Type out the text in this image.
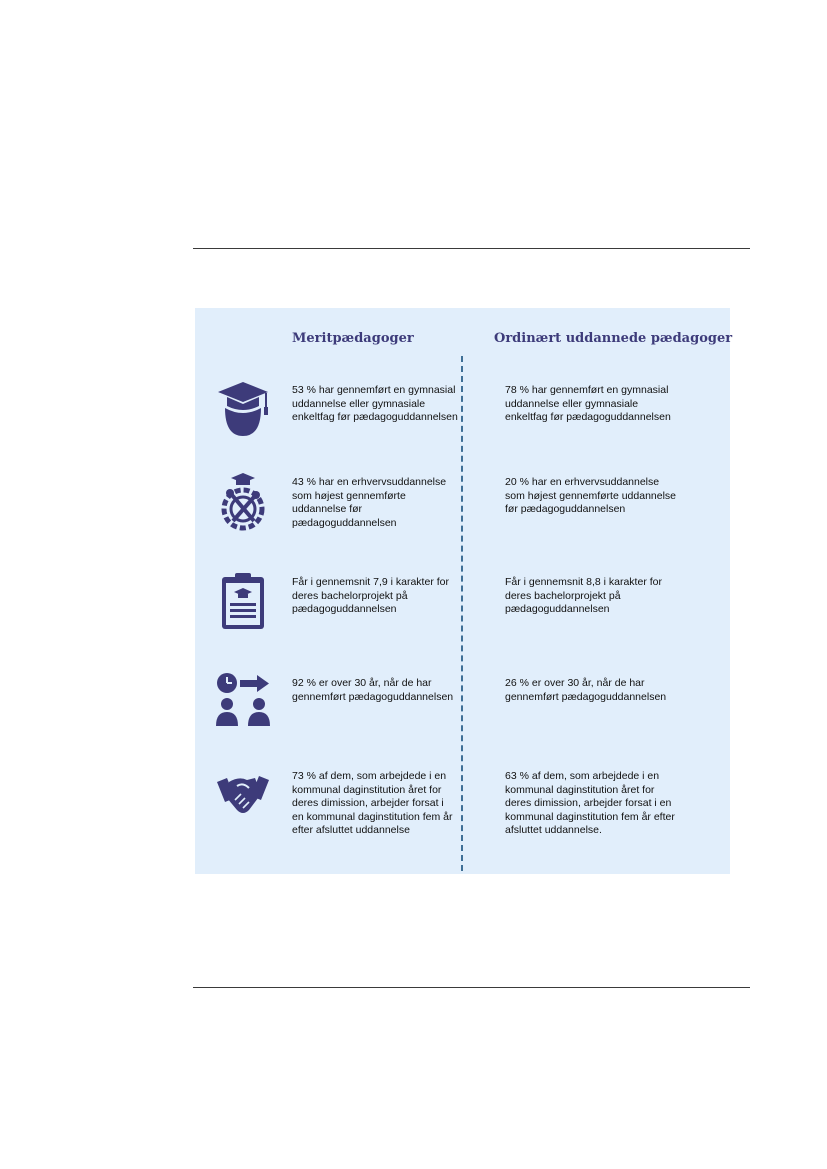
Meritpædagoger	Ordinært uddannede pædagoger

53 % har gennemført en gymnasial uddannelse eller gymnasiale enkeltfag før pædagoguddannelsen

78 % har gennemført en gymnasial uddannelse eller gymnasiale enkeltfag før pædagoguddannelsen

43 % har en erhvervsuddannelse som højest gennemførte uddannelse før pædagoguddannelsen

20 % har en erhvervsuddannelse som højest gennemførte uddannelse før pædagoguddannelsen

Får i gennemsnit 7,9 i karakter for deres bachelorprojekt på pædagoguddannelsen

Får i gennemsnit 8,8 i karakter for deres bachelorprojekt på pædagoguddannelsen

92 % er over 30 år, når de har gennemført pædagoguddannelsen

26 % er over 30 år, når de har gennemført pædagoguddannelsen

73 % af dem, som arbejdede i en kommunal daginstitution året for deres dimission, arbejder forsat i en kommunal daginstitution fem år efter afsluttet uddannelse

63 % af dem, som arbejdede i en kommunal daginstitution året for deres dimission, arbejder forsat i en kommunal daginstitution fem år efter afsluttet uddannelse.
